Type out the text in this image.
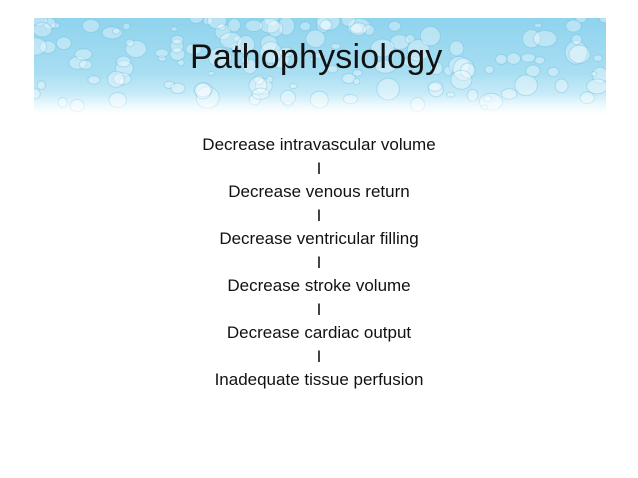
Pathophysiology
Decrease intravascular volume
I
Decrease venous return
I
Decrease ventricular filling
I
Decrease stroke volume
I
Decrease cardiac output
I
Inadequate tissue perfusion
